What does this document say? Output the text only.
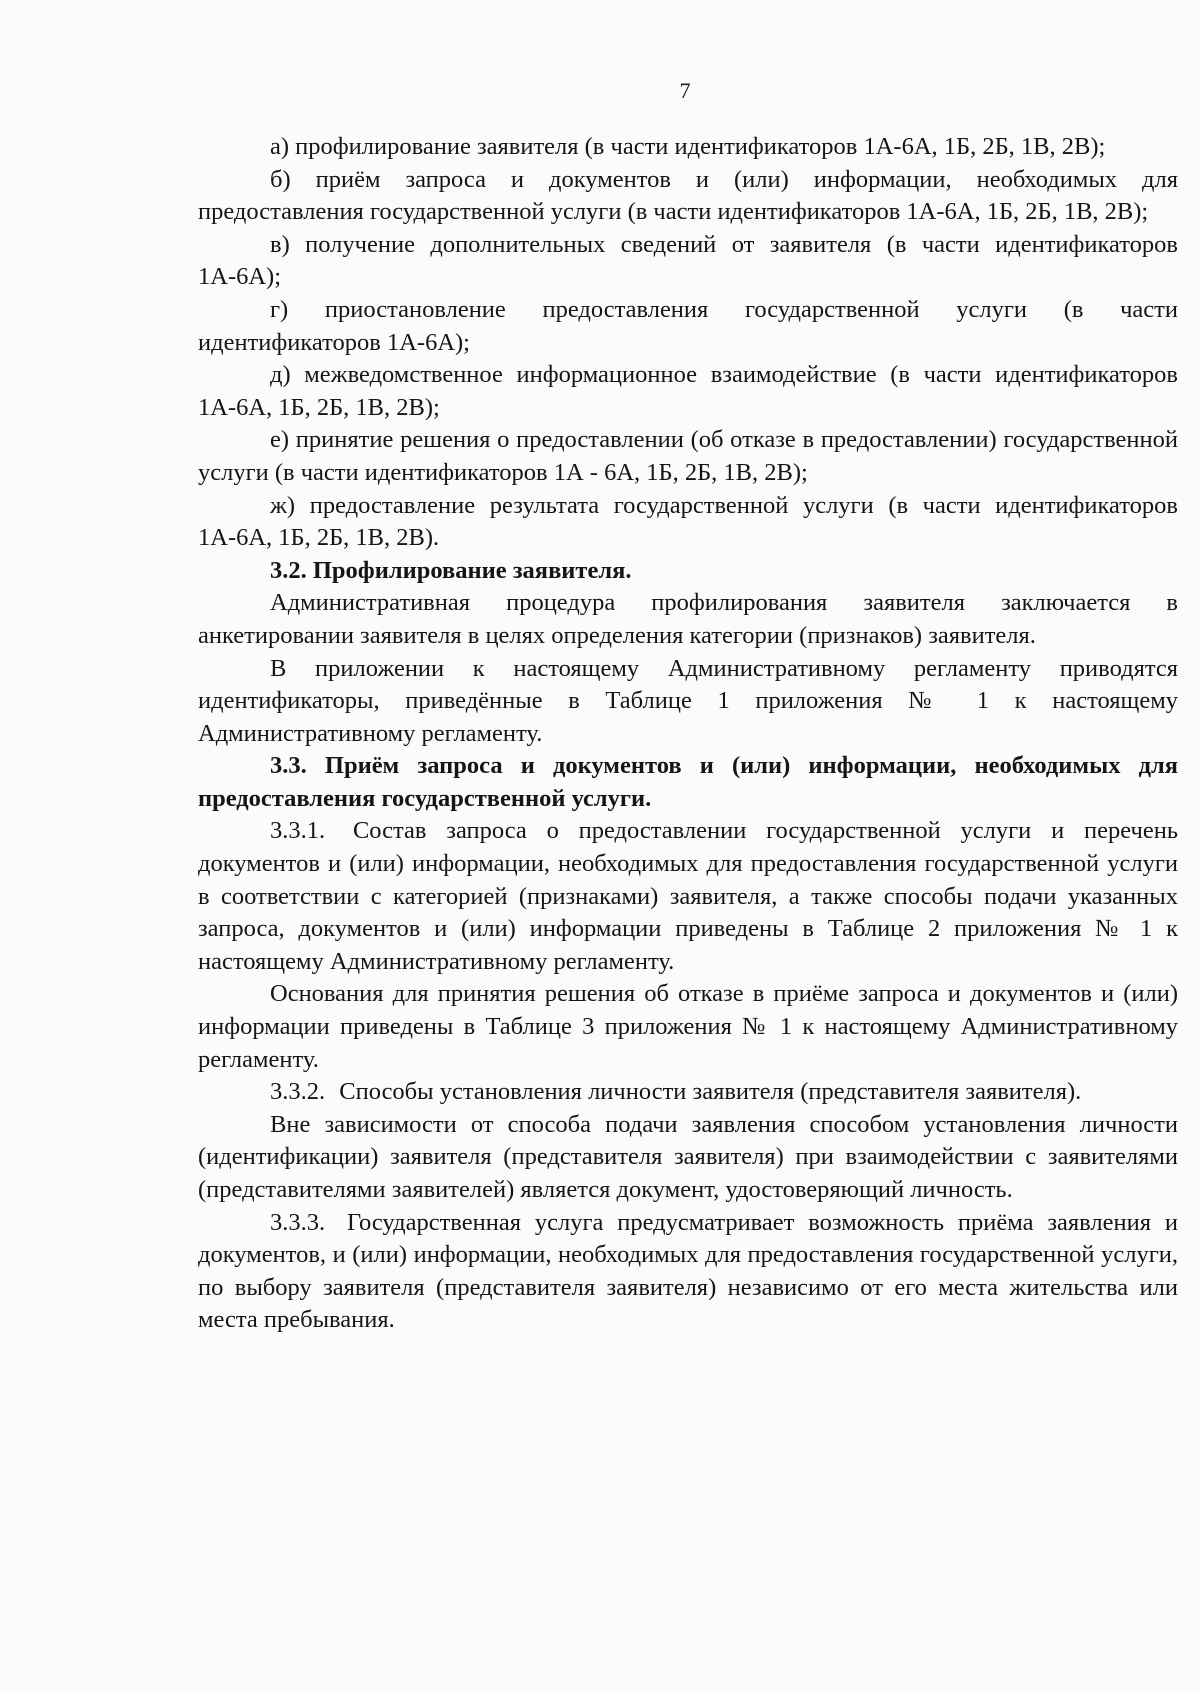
7

а) профилирование заявителя (в части идентификаторов 1А-6А, 1Б, 2Б, 1В, 2В);

б) приём запроса и документов и (или) информации, необходимых для предоставления государственной услуги (в части идентификаторов 1А-6А, 1Б, 2Б, 1В, 2В);

в) получение дополнительных сведений от заявителя (в части идентификаторов 1А-6А);

г) приостановление предоставления государственной услуги (в части идентификаторов 1А-6А);

д) межведомственное информационное взаимодействие (в части идентификаторов 1А-6А, 1Б, 2Б, 1В, 2В);

е) принятие решения о предоставлении (об отказе в предоставлении) государственной услуги (в части идентификаторов 1А - 6А, 1Б, 2Б, 1В, 2В);

ж) предоставление результата государственной услуги (в части идентификаторов 1А-6А, 1Б, 2Б, 1В, 2В).

3.2. Профилирование заявителя.

Административная процедура профилирования заявителя заключается в анкетировании заявителя в целях определения категории (признаков) заявителя.

В приложении к настоящему Административному регламенту приводятся идентификаторы, приведённые в Таблице 1 приложения № 1 к настоящему Административному регламенту.

3.3. Приём запроса и документов и (или) информации, необходимых для предоставления государственной услуги.

3.3.1. Состав запроса о предоставлении государственной услуги и перечень документов и (или) информации, необходимых для предоставления государственной услуги в соответствии с категорией (признаками) заявителя, а также способы подачи указанных запроса, документов и (или) информации приведены в Таблице 2 приложения № 1 к настоящему Административному регламенту.

Основания для принятия решения об отказе в приёме запроса и документов и (или) информации приведены в Таблице 3 приложения № 1 к настоящему Административному регламенту.

3.3.2. Способы установления личности заявителя (представителя заявителя).

Вне зависимости от способа подачи заявления способом установления личности (идентификации) заявителя (представителя заявителя) при взаимодействии с заявителями (представителями заявителей) является документ, удостоверяющий личность.

3.3.3. Государственная услуга предусматривает возможность приёма заявления и документов, и (или) информации, необходимых для предоставления государственной услуги, по выбору заявителя (представителя заявителя) независимо от его места жительства или места пребывания.
